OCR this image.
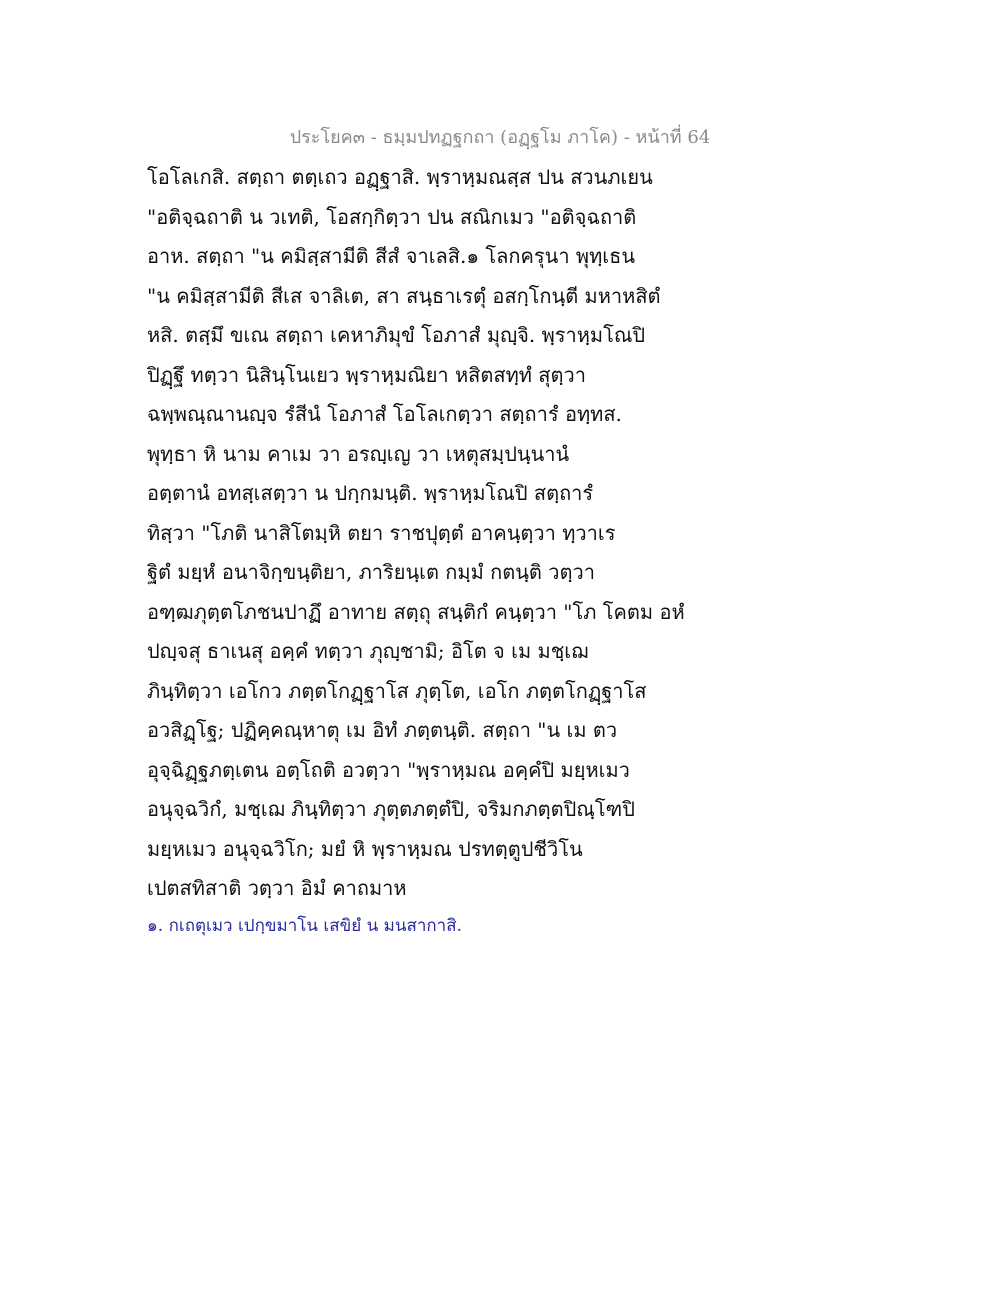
ประโยค๓ - ธมฺมปทฏฐกถา (อฏฺฐโม ภาโค) - หน้าที่ 64
โอโลเกสิ. สตฺถา ตตฺเถว อฏฺฐาสิ. พฺราหฺมณสฺส ปน สวนภเยน
"อติจฺฉถาติ น วเทติ, โอสกฺกิตฺวา ปน สณิกเมว "อติจฺฉถาติ
อาห. สตฺถา "น คมิสฺสามีติ สีสํ จาเลสิ.๑ โลกครุนา พุทฺเธน
"น คมิสฺสามีติ สีเส จาลิเต, สา สนฺธาเรตุํ อสกฺโกนฺตี มหาหสิตํ
หสิ. ตสฺมึ ขเณ สตฺถา เคหาภิมุขํ โอภาสํ มุญฺจิ. พฺราหฺมโณปิ
ปิฏฺฐึ ทตฺวา นิสินฺโนเยว พฺราหฺมณิยา หสิตสทฺทํ สุตฺวา
ฉพฺพณฺณานญฺจ รํสีนํ โอภาสํ โอโลเกตฺวา สตฺถารํ อทฺทส.
พุทฺธา หิ นาม คาเม วา อรญฺเญ วา เหตุสมฺปนฺนานํ
อตฺตานํ อทสฺเสตฺวา น ปกฺกมนฺติ. พฺราหฺมโณปิ สตฺถารํ
ทิสฺวา "โภติ นาสิโตมฺหิ ตยา ราชปุตฺตํ อาคนฺตฺวา ทฺวาเร
ฐิตํ มยฺหํ อนาจิกฺขนฺติยา, ภาริยนฺเต กมฺมํ กตนฺติ วตฺวา
อฑฺฒภุตฺตโภชนปาฏึ อาทาย สตฺถุ สนฺติกํ คนฺตฺวา "โภ โคตม อหํ
ปญฺจสุ ธาเนสุ อคฺคํ ทตฺวา ภุญฺชามิ; อิโต จ เม มชฺเฌ
ภินฺทิตฺวา เอโกว ภตฺตโกฏฺฐาโส ภุตฺโต, เอโก ภตฺตโกฏฺฐาโส
อวสิฏฺโฐ; ปฏิคฺคณฺหาตุ เม อิทํ ภตฺตนฺติ. สตฺถา "น เม ตว
อุจฺฉิฏฺฐภตฺเตน อตฺโถติ อวตฺวา "พฺราหฺมณ อคฺคํปิ มยฺหเมว
อนุจฺฉวิกํ, มชฺเฌ ภินฺทิตฺวา ภุตฺตภตฺตํปิ, จริมกภตฺตปิณฺโฑปิ
มยฺหเมว อนุจฺฉวิโก; มยํ หิ พฺราหฺมณ ปรทตฺตูปชีวิโน
เปตสทิสาติ วตฺวา อิมํ คาถมาห
๑. กเถตุเมว เปกฺขมาโน เสขิยํ น มนสากาสิ.
